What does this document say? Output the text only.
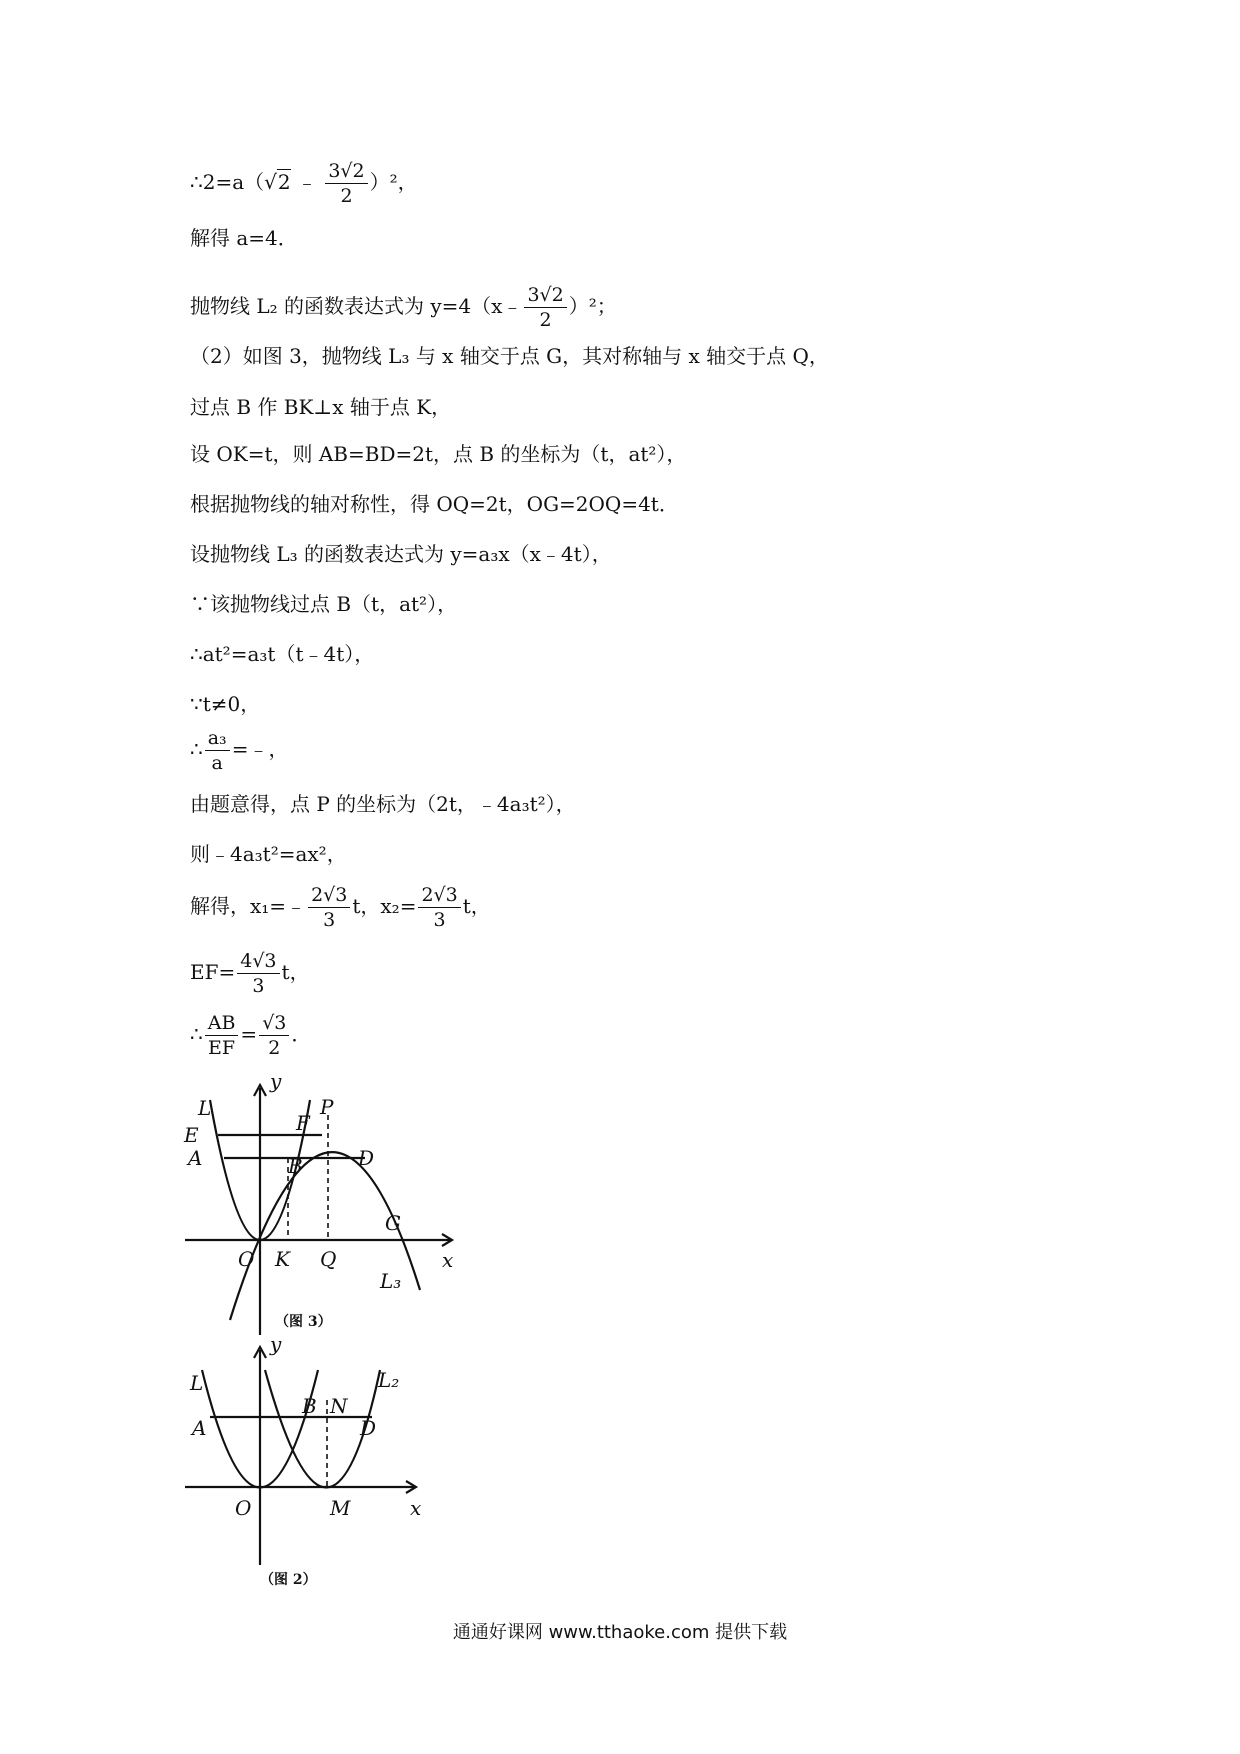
∴2=a（√2 ﹣ $\frac{3√2}{2} )^2$，
解得 a=4．
抛物线 L₂ 的函数表达式为 y=4（x﹣ $\frac{3√2}{2} )^2$；
（2）如图 3，抛物线 L₃ 与 x 轴交于点 G，其对称轴与 x 轴交于点 Q，
过点 B 作 BK⊥x 轴于点 K，
设 OK=t，则 AB=BD=2t，点 B 的坐标为（t，at²），
根据抛物线的轴对称性，得 OQ=2t，OG=2OQ=4t．
设抛物线 L₃ 的函数表达式为 y=a₃x（x﹣4t），
∵该抛物线过点 B（t，at²），
∴at²=a₃t（t﹣4t），
∵t≠0，
∴ $\frac{\text{a₃}}{a}$ =﹣，
由题意得，点 P 的坐标为（2t，﹣4a₃t²），
则﹣4a₃t²=ax²，
解得，x₁=﹣ $\frac{2√3}{3}$ t，$x_2= \frac{2√3}{3}$ t，
$EF= \frac{4√3}{3}$ t，
∴ $\frac{AB}{EF} = \frac{√3}{2}$ ．
y
L
E	F
P
A	B	D
G
O K Q	x
L₃
（图 3）
y
L	L₂
A
B N
D
O	M	x
（图 2）
通通好课网 www.tthaoke.com 提供下载
